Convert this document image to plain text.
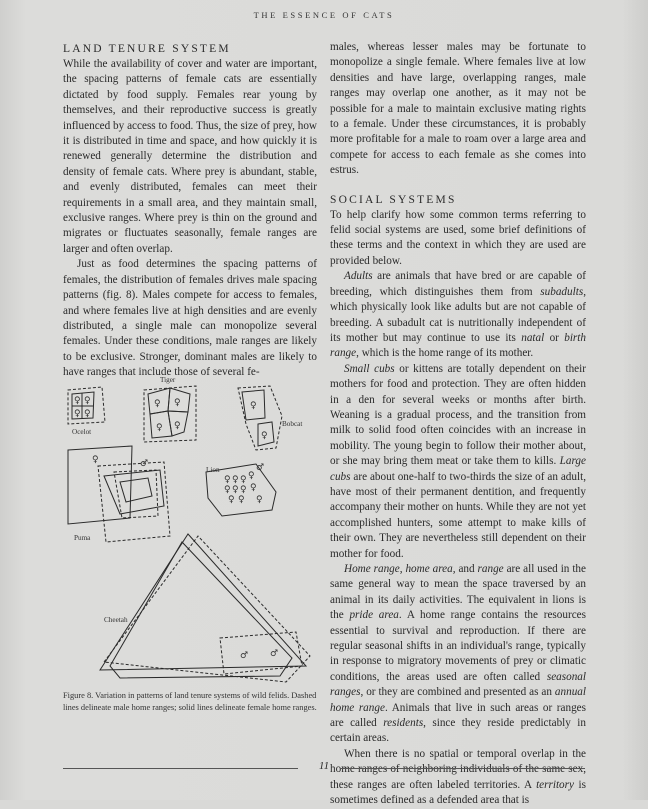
THE ESSENCE OF CATS
LAND TENURE SYSTEM

While the availability of cover and water are important, the spacing patterns of female cats are essentially dictated by food supply. Females rear young by themselves, and their reproductive success is greatly influenced by access to food. Thus, the size of prey, how it is distributed in time and space, and how quickly it is renewed generally determine the distribution and density of female cats. Where prey is abundant, stable, and evenly distributed, females can meet their requirements in a small area, and they maintain small, exclusive ranges. Where prey is thin on the ground and migrates or fluctuates seasonally, female ranges are larger and often overlap.

Just as food determines the spacing patterns of females, the distribution of females drives male spacing patterns (fig. 8). Males compete for access to females, and where females live at high densities and are evenly distributed, a single male can monopolize several females. Under these conditions, male ranges are likely to be exclusive. Stronger, dominant males are likely to have ranges that include those of several fe-

♀ ♀
♀ ♀
♀ ♀
♀ ♀
♀
♀
♀	♂
♀ ♀ ♀ ♀
♀ ♀ ♀ ♀
♀ ♀ ♀
♂
♂ ♂
Tiger
Ocelot
Bobcat
Lion
Puma
Cheetah
Figure 8. Variation in patterns of land tenure systems of wild felids. Dashed lines delineate male home ranges; solid lines delineate female home ranges.

males, whereas lesser males may be fortunate to monopolize a single female. Where females live at low densities and have large, overlapping ranges, male ranges may overlap one another, as it may not be possible for a male to maintain exclusive mating rights to a female. Under these circumstances, it is probably more profitable for a male to roam over a large area and compete for access to each female as she comes into estrus.

SOCIAL SYSTEMS

To help clarify how some common terms referring to felid social systems are used, some brief definitions of these terms and the context in which they are used are provided below.

Adults are animals that have bred or are capable of breeding, which distinguishes them from subadults, which physically look like adults but are not capable of breeding. A subadult cat is nutritionally independent of its mother but may continue to use its natal or birth range, which is the home range of its mother.

Small cubs or kittens are totally dependent on their mothers for food and protection. They are often hidden in a den for several weeks or months after birth. Weaning is a gradual process, and the transition from milk to solid food often coincides with an increase in mobility. The young begin to follow their mother about, or she may bring them meat or take them to kills. Large cubs are about one-half to two-thirds the size of an adult, have most of their permanent dentition, and frequently accompany their mother on hunts. While they are not yet accomplished hunters, some attempt to make kills of their own. They are nevertheless still dependent on their mother for food.

Home range, home area, and range are all used in the same general way to mean the space traversed by an animal in its daily activities. The equivalent in lions is the pride area. A home range contains the resources essential to survival and reproduction. If there are regular seasonal shifts in an individual's range, typically in response to migratory movements of prey or climatic conditions, the areas used are often called seasonal ranges, or they are combined and presented as an annual home range. Animals that live in such areas or ranges are called residents, since they reside predictably in certain areas.

When there is no spatial or temporal overlap in the home ranges of neighboring individuals of the same sex, these ranges are often labeled territories. A territory is sometimes defined as a defended area that is

11
